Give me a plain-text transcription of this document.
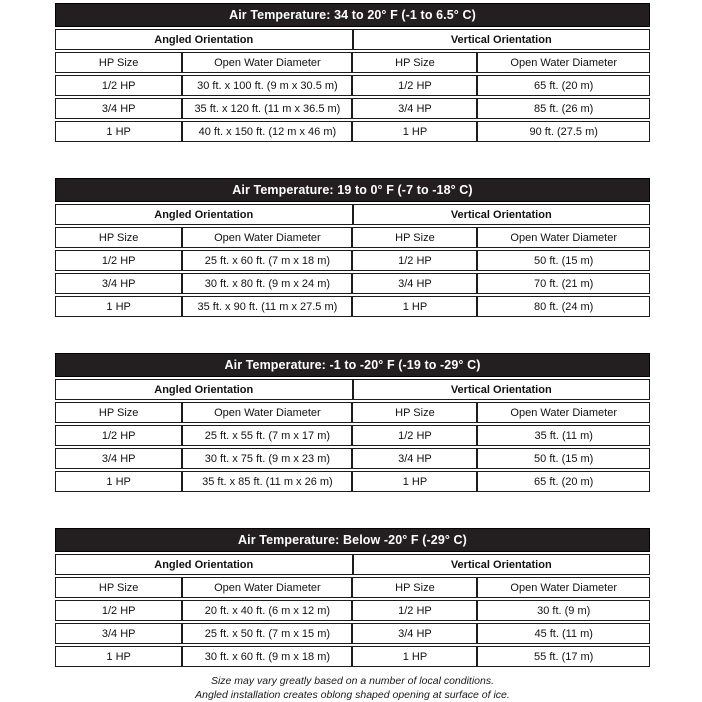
Air Temperature: 34 to 20° F (-1 to 6.5° C)
Angled Orientation	Vertical Orientation
HP Size	Open Water Diameter	HP Size	Open Water Diameter
1/2 HP	30 ft. x 100 ft. (9 m x 30.5 m)	1/2 HP	65 ft. (20 m)
3/4 HP	35 ft. x 120 ft. (11 m x 36.5 m)	3/4 HP	85 ft. (26 m)
1 HP	40 ft. x 150 ft. (12 m x 46 m)	1 HP	90 ft. (27.5 m)
Air Temperature: 19 to 0° F (-7 to -18° C)
Angled Orientation	Vertical Orientation
HP Size	Open Water Diameter	HP Size	Open Water Diameter
1/2 HP	25 ft. x 60 ft. (7 m x 18 m)	1/2 HP	50 ft. (15 m)
3/4 HP	30 ft. x 80 ft. (9 m x 24 m)	3/4 HP	70 ft. (21 m)
1 HP	35 ft. x 90 ft. (11 m x 27.5 m)	1 HP	80 ft. (24 m)
Air Temperature: -1 to -20° F (-19 to -29° C)
Angled Orientation	Vertical Orientation
HP Size	Open Water Diameter	HP Size	Open Water Diameter
1/2 HP	25 ft. x 55 ft. (7 m x 17 m)	1/2 HP	35 ft. (11 m)
3/4 HP	30 ft. x 75 ft. (9 m x 23 m)	3/4 HP	50 ft. (15 m)
1 HP	35 ft. x 85 ft. (11 m x 26 m)	1 HP	65 ft. (20 m)
Air Temperature: Below -20° F (-29° C)
Angled Orientation	Vertical Orientation
HP Size	Open Water Diameter	HP Size	Open Water Diameter
1/2 HP	20 ft. x 40 ft. (6 m x 12 m)	1/2 HP	30 ft. (9 m)
3/4 HP	25 ft. x 50 ft. (7 m x 15 m)	3/4 HP	45 ft. (11 m)
1 HP	30 ft. x 60 ft. (9 m x 18 m)	1 HP	55 ft. (17 m)

Size may vary greatly based on a number of local conditions.

Angled installation creates oblong shaped opening at surface of ice.
